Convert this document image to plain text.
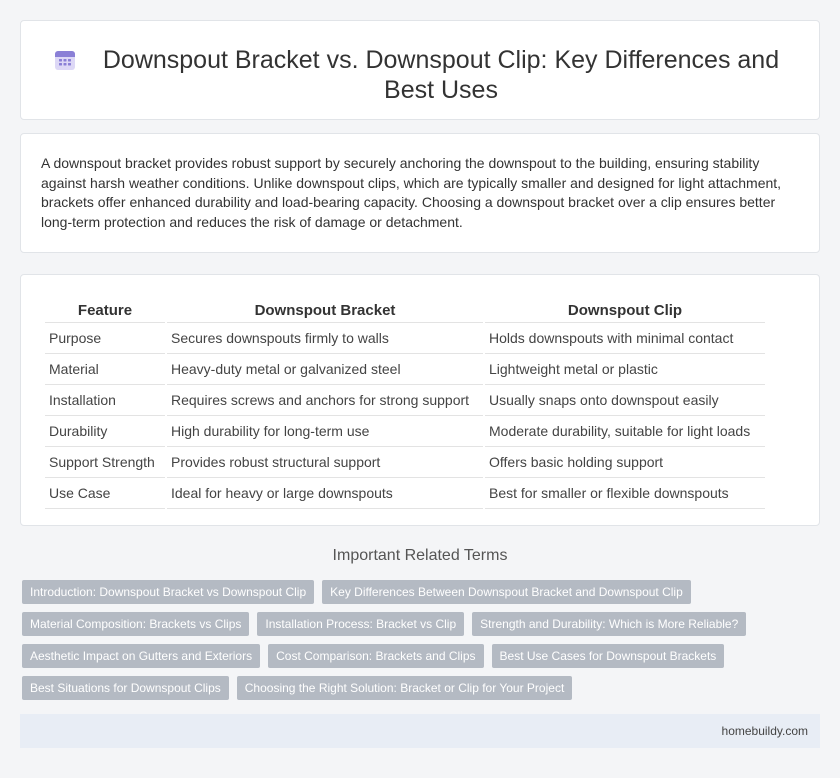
Downspout Bracket vs. Downspout Clip: Key Differences and Best Uses

A downspout bracket provides robust support by securely anchoring the downspout to the building, ensuring stability against harsh weather conditions. Unlike downspout clips, which are typically smaller and designed for light attachment, brackets offer enhanced durability and load-bearing capacity. Choosing a downspout bracket over a clip ensures better long-term protection and reduces the risk of damage or detachment.

Feature	Downspout Bracket	Downspout Clip
Purpose	Secures downspouts firmly to walls	Holds downspouts with minimal contact
Material	Heavy-duty metal or galvanized steel	Lightweight metal or plastic
Installation	Requires screws and anchors for strong support	Usually snaps onto downspout easily
Durability	High durability for long-term use	Moderate durability, suitable for light loads
Support Strength	Provides robust structural support	Offers basic holding support
Use Case	Ideal for heavy or large downspouts	Best for smaller or flexible downspouts
Important Related Terms
Introduction: Downspout Bracket vs Downspout Clip	Key Differences Between Downspout Bracket and Downspout Clip
Material Composition: Brackets vs Clips	Installation Process: Bracket vs Clip	Strength and Durability: Which is More Reliable?
Aesthetic Impact on Gutters and Exteriors	Cost Comparison: Brackets and Clips	Best Use Cases for Downspout Brackets
Best Situations for Downspout Clips	Choosing the Right Solution: Bracket or Clip for Your Project
homebuildy.com
